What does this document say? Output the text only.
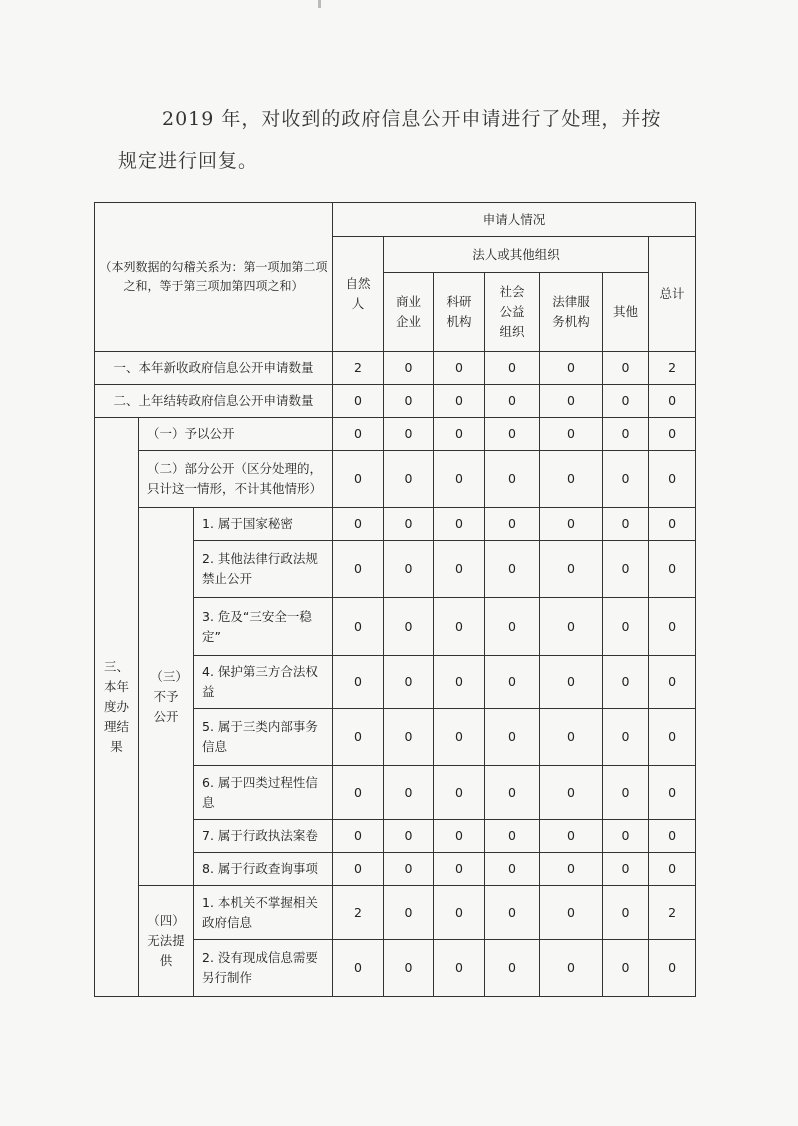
2019 年，对收到的政府信息公开申请进行了处理，并按
规定进行回复。
（本列数据的勾稽关系为：第一项加第二项之和，等于第三项加第四项之和）			申请人情况						
			自然人	法人或其他组织					总计
				商业企业	科研机构	社会公益组织	法律服务机构	其他	
一、本年新收政府信息公开申请数量			2	0	0	0	0	0	2
二、上年结转政府信息公开申请数量			0	0	0	0	0	0	0
三、本年度办理结果	（一）予以公开		0	0	0	0	0	0	0
	（二）部分公开（区分处理的，只计这一情形，不计其他情形）		0	0	0	0	0	0	0
	（三）不予公开	1. 属于国家秘密	0	0	0	0	0	0	0
		2. 其他法律行政法规禁止公开	0	0	0	0	0	0	0
		3. 危及“三安全一稳定”	0	0	0	0	0	0	0
		4. 保护第三方合法权益	0	0	0	0	0	0	0
		5. 属于三类内部事务信息	0	0	0	0	0	0	0
		6. 属于四类过程性信息	0	0	0	0	0	0	0
		7. 属于行政执法案卷	0	0	0	0	0	0	0
		8. 属于行政查询事项	0	0	0	0	0	0	0
	（四）无法提供	1. 本机关不掌握相关政府信息	2	0	0	0	0	0	2
		2. 没有现成信息需要另行制作	0	0	0	0	0	0	0
